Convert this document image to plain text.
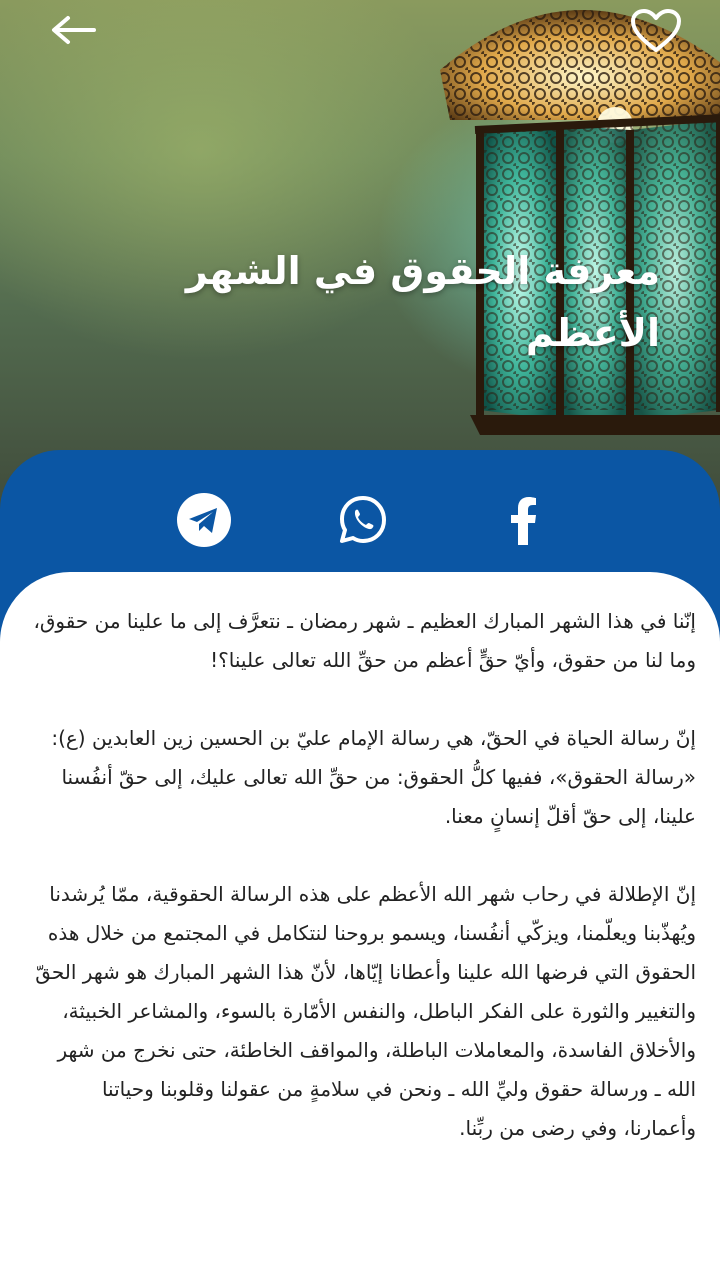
معرفة الحقوق في الشهر الأعظم

إنّنا في هذا الشهر المبارك العظيم ـ شهر رمضان ـ نتعرَّف إلى ما علينا من حقوق، وما لنا من حقوق، وأيّ حقٍّ أعظم من حقِّ الله تعالى علينا؟!

إنّ رسالة الحياة في الحقّ، هي رسالة الإمام عليّ بن الحسين زين العابدين (ع): «رسالة الحقوق»، ففيها كلُّ الحقوق: من حقِّ الله تعالى عليك، إلى حقّ أنفُسنا علينا، إلى حقّ أقلّ إنسانٍ معنا.

إنّ الإطلالة في رحاب شهر الله الأعظم على هذه الرسالة الحقوقية، ممّا يُرشدنا ويُهذّبنا ويعلّمنا، ويزكّي أنفُسنا، ويسمو بروحنا لنتكامل في المجتمع من خلال هذه الحقوق التي فرضها الله علينا وأعطانا إيّاها، لأنّ هذا الشهر المبارك هو شهر الحقّ والتغيير والثورة على الفكر الباطل، والنفس الأمّارة بالسوء، والمشاعر الخبيثة، والأخلاق الفاسدة، والمعاملات الباطلة، والمواقف الخاطئة، حتى نخرج من شهر الله ـ ورسالة حقوق وليِّ الله ـ ونحن في سلامةٍ من عقولنا وقلوبنا وحياتنا وأعمارنا، وفي رضى من ربِّنا.
